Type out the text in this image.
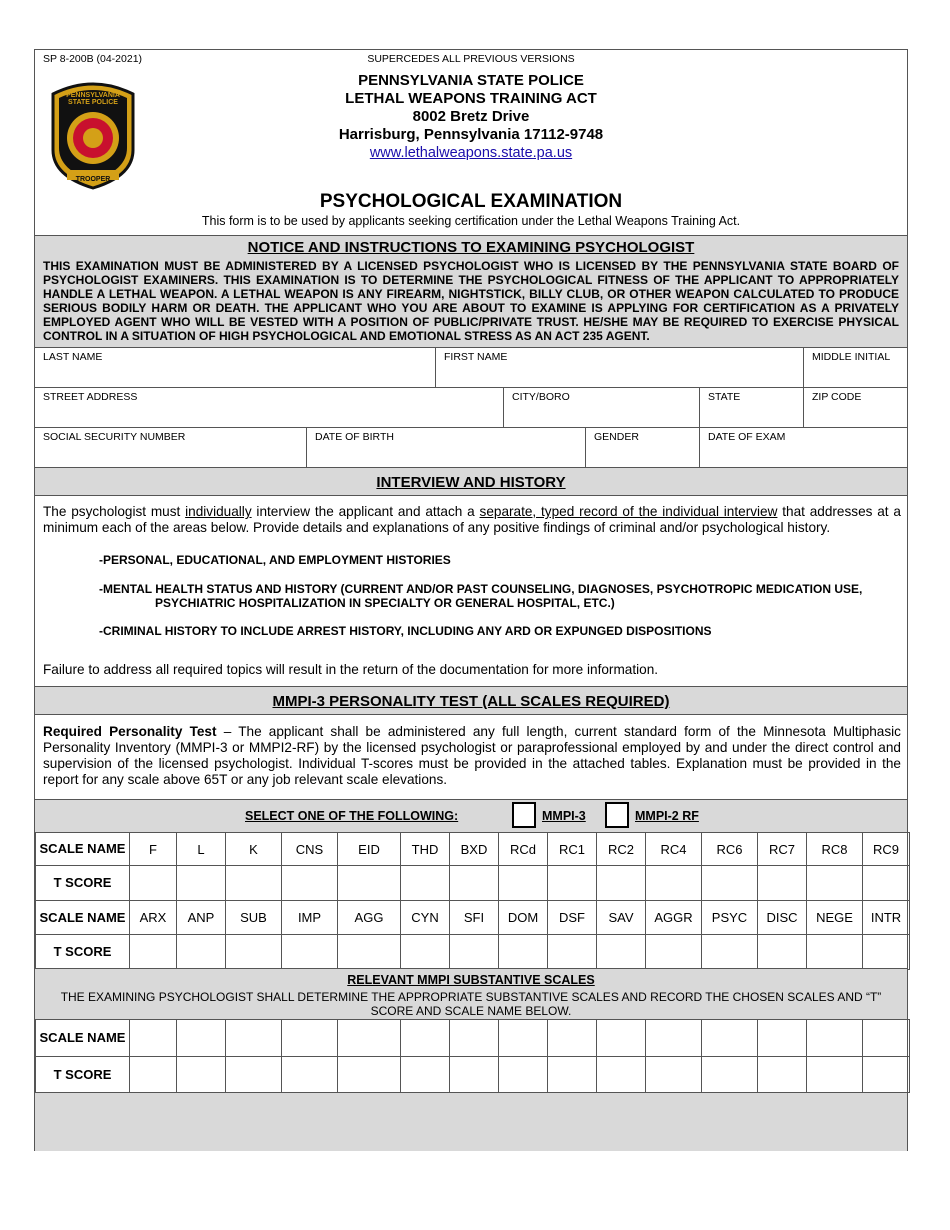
SP 8-200B (04-2021)	SUPERCEDES ALL PREVIOUS VERSIONS
PENNSYLVANIA STATE POLICE
TROOPER
PENNSYLVANIA STATE POLICE
LETHAL WEAPONS TRAINING ACT
8002 Bretz Drive
Harrisburg, Pennsylvania 17112-9748
www.lethalweapons.state.pa.us
PSYCHOLOGICAL EXAMINATION
This form is to be used by applicants seeking certification under the Lethal Weapons Training Act.
NOTICE AND INSTRUCTIONS TO EXAMINING PSYCHOLOGIST
THIS EXAMINATION MUST BE ADMINISTERED BY A LICENSED PSYCHOLOGIST WHO IS LICENSED BY THE PENNSYLVANIA STATE BOARD OF PSYCHOLOGIST EXAMINERS. THIS EXAMINATION IS TO DETERMINE THE PSYCHOLOGICAL FITNESS OF THE APPLICANT TO APPROPRIATELY HANDLE A LETHAL WEAPON. A LETHAL WEAPON IS ANY FIREARM, NIGHTSTICK, BILLY CLUB, OR OTHER WEAPON CALCULATED TO PRODUCE SERIOUS BODILY HARM OR DEATH. THE APPLICANT WHO YOU ARE ABOUT TO EXAMINE IS APPLYING FOR CERTIFICATION AS A PRIVATELY EMPLOYED AGENT WHO WILL BE VESTED WITH A POSITION OF PUBLIC/PRIVATE TRUST. HE/SHE MAY BE REQUIRED TO EXERCISE PHYSICAL CONTROL IN A SITUATION OF HIGH PSYCHOLOGICAL AND EMOTIONAL STRESS AS AN ACT 235 AGENT.
LAST NAME	FIRST NAME	MIDDLE INITIAL
STREET ADDRESS	CITY/BORO	STATE	ZIP CODE
SOCIAL SECURITY NUMBER	DATE OF BIRTH	GENDER	DATE OF EXAM
INTERVIEW AND HISTORY
The psychologist must individually interview the applicant and attach a separate, typed record of the individual interview that addresses at a minimum each of the areas below. Provide details and explanations of any positive findings of criminal and/or psychological history.
-PERSONAL, EDUCATIONAL, AND EMPLOYMENT HISTORIES
-MENTAL HEALTH STATUS AND HISTORY (CURRENT AND/OR PAST COUNSELING, DIAGNOSES, PSYCHOTROPIC MEDICATION USE,
PSYCHIATRIC HOSPITALIZATION IN SPECIALTY OR GENERAL HOSPITAL, ETC.)
-CRIMINAL HISTORY TO INCLUDE ARREST HISTORY, INCLUDING ANY ARD OR EXPUNGED DISPOSITIONS
Failure to address all required topics will result in the return of the documentation for more information.
MMPI-3 PERSONALITY TEST (ALL SCALES REQUIRED)
Required Personality Test – The applicant shall be administered any full length, current standard form of the Minnesota Multiphasic Personality Inventory (MMPI-3 or MMPI2-RF) by the licensed psychologist or paraprofessional employed by and under the direct control and supervision of the licensed psychologist. Individual T-scores must be provided in the attached tables. Explanation must be provided in the report for any scale above 65T or any job relevant scale elevations.
SELECT ONE OF THE FOLLOWING:	MMPI-3	MMPI-2 RF
SCALE NAME	F	L	K	CNS	EID	THD	BXD	RCd	RC1	RC2	RC4	RC6	RC7	RC8	RC9
T SCORE															
SCALE NAME	ARX	ANP	SUB	IMP	AGG	CYN	SFI	DOM	DSF	SAV	AGGR	PSYC	DISC	NEGE	INTR
T SCORE															
RELEVANT MMPI SUBSTANTIVE SCALES
THE EXAMINING PSYCHOLOGIST SHALL DETERMINE THE APPROPRIATE SUBSTANTIVE SCALES AND RECORD THE CHOSEN SCALES AND “T” SCORE AND SCALE NAME BELOW.
SCALE NAME															
T SCORE															
